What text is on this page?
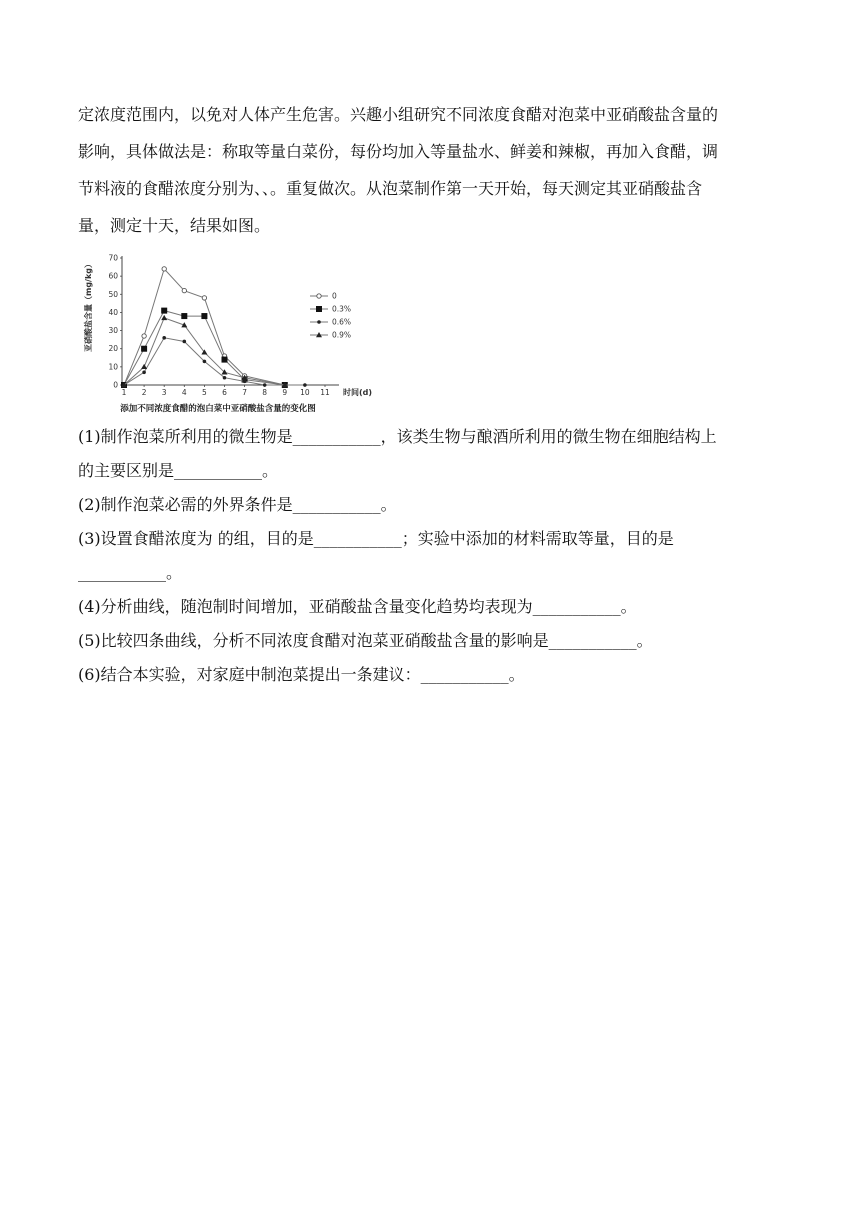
定浓度范围内，以免对人体产生危害。兴趣小组研究不同浓度食醋对泡菜中亚硝酸盐含量的

影响，具体做法是：称取等量白菜份，每份均加入等量盐水、鲜姜和辣椒，再加入食醋，调

节料液的食醋浓度分别为、、。重复做次。从泡菜制作第一天开始，每天测定其亚硝酸盐含

量，测定十天，结果如图。

1 2 3 4 5 6 7 8 9 10 11
0
10
20
30
40
50
60
70
0
0.3%
0.6%
0.9%
亚硝酸盐含量（mg/kg）
时间(d)
添加不同浓度食醋的泡白菜中亚硝酸盐含量的变化图
(1)制作泡菜所利用的微生物是___________，该类生物与酿酒所利用的微生物在细胞结构上
的主要区别是___________。
(2)制作泡菜必需的外界条件是___________。
(3)设置食醋浓度为 的组，目的是___________；实验中添加的材料需取等量，目的是
___________。
(4)分析曲线，随泡制时间增加，亚硝酸盐含量变化趋势均表现为___________。
(5)比较四条曲线，分析不同浓度食醋对泡菜亚硝酸盐含量的影响是___________。
(6)结合本实验，对家庭中制泡菜提出一条建议：___________。
